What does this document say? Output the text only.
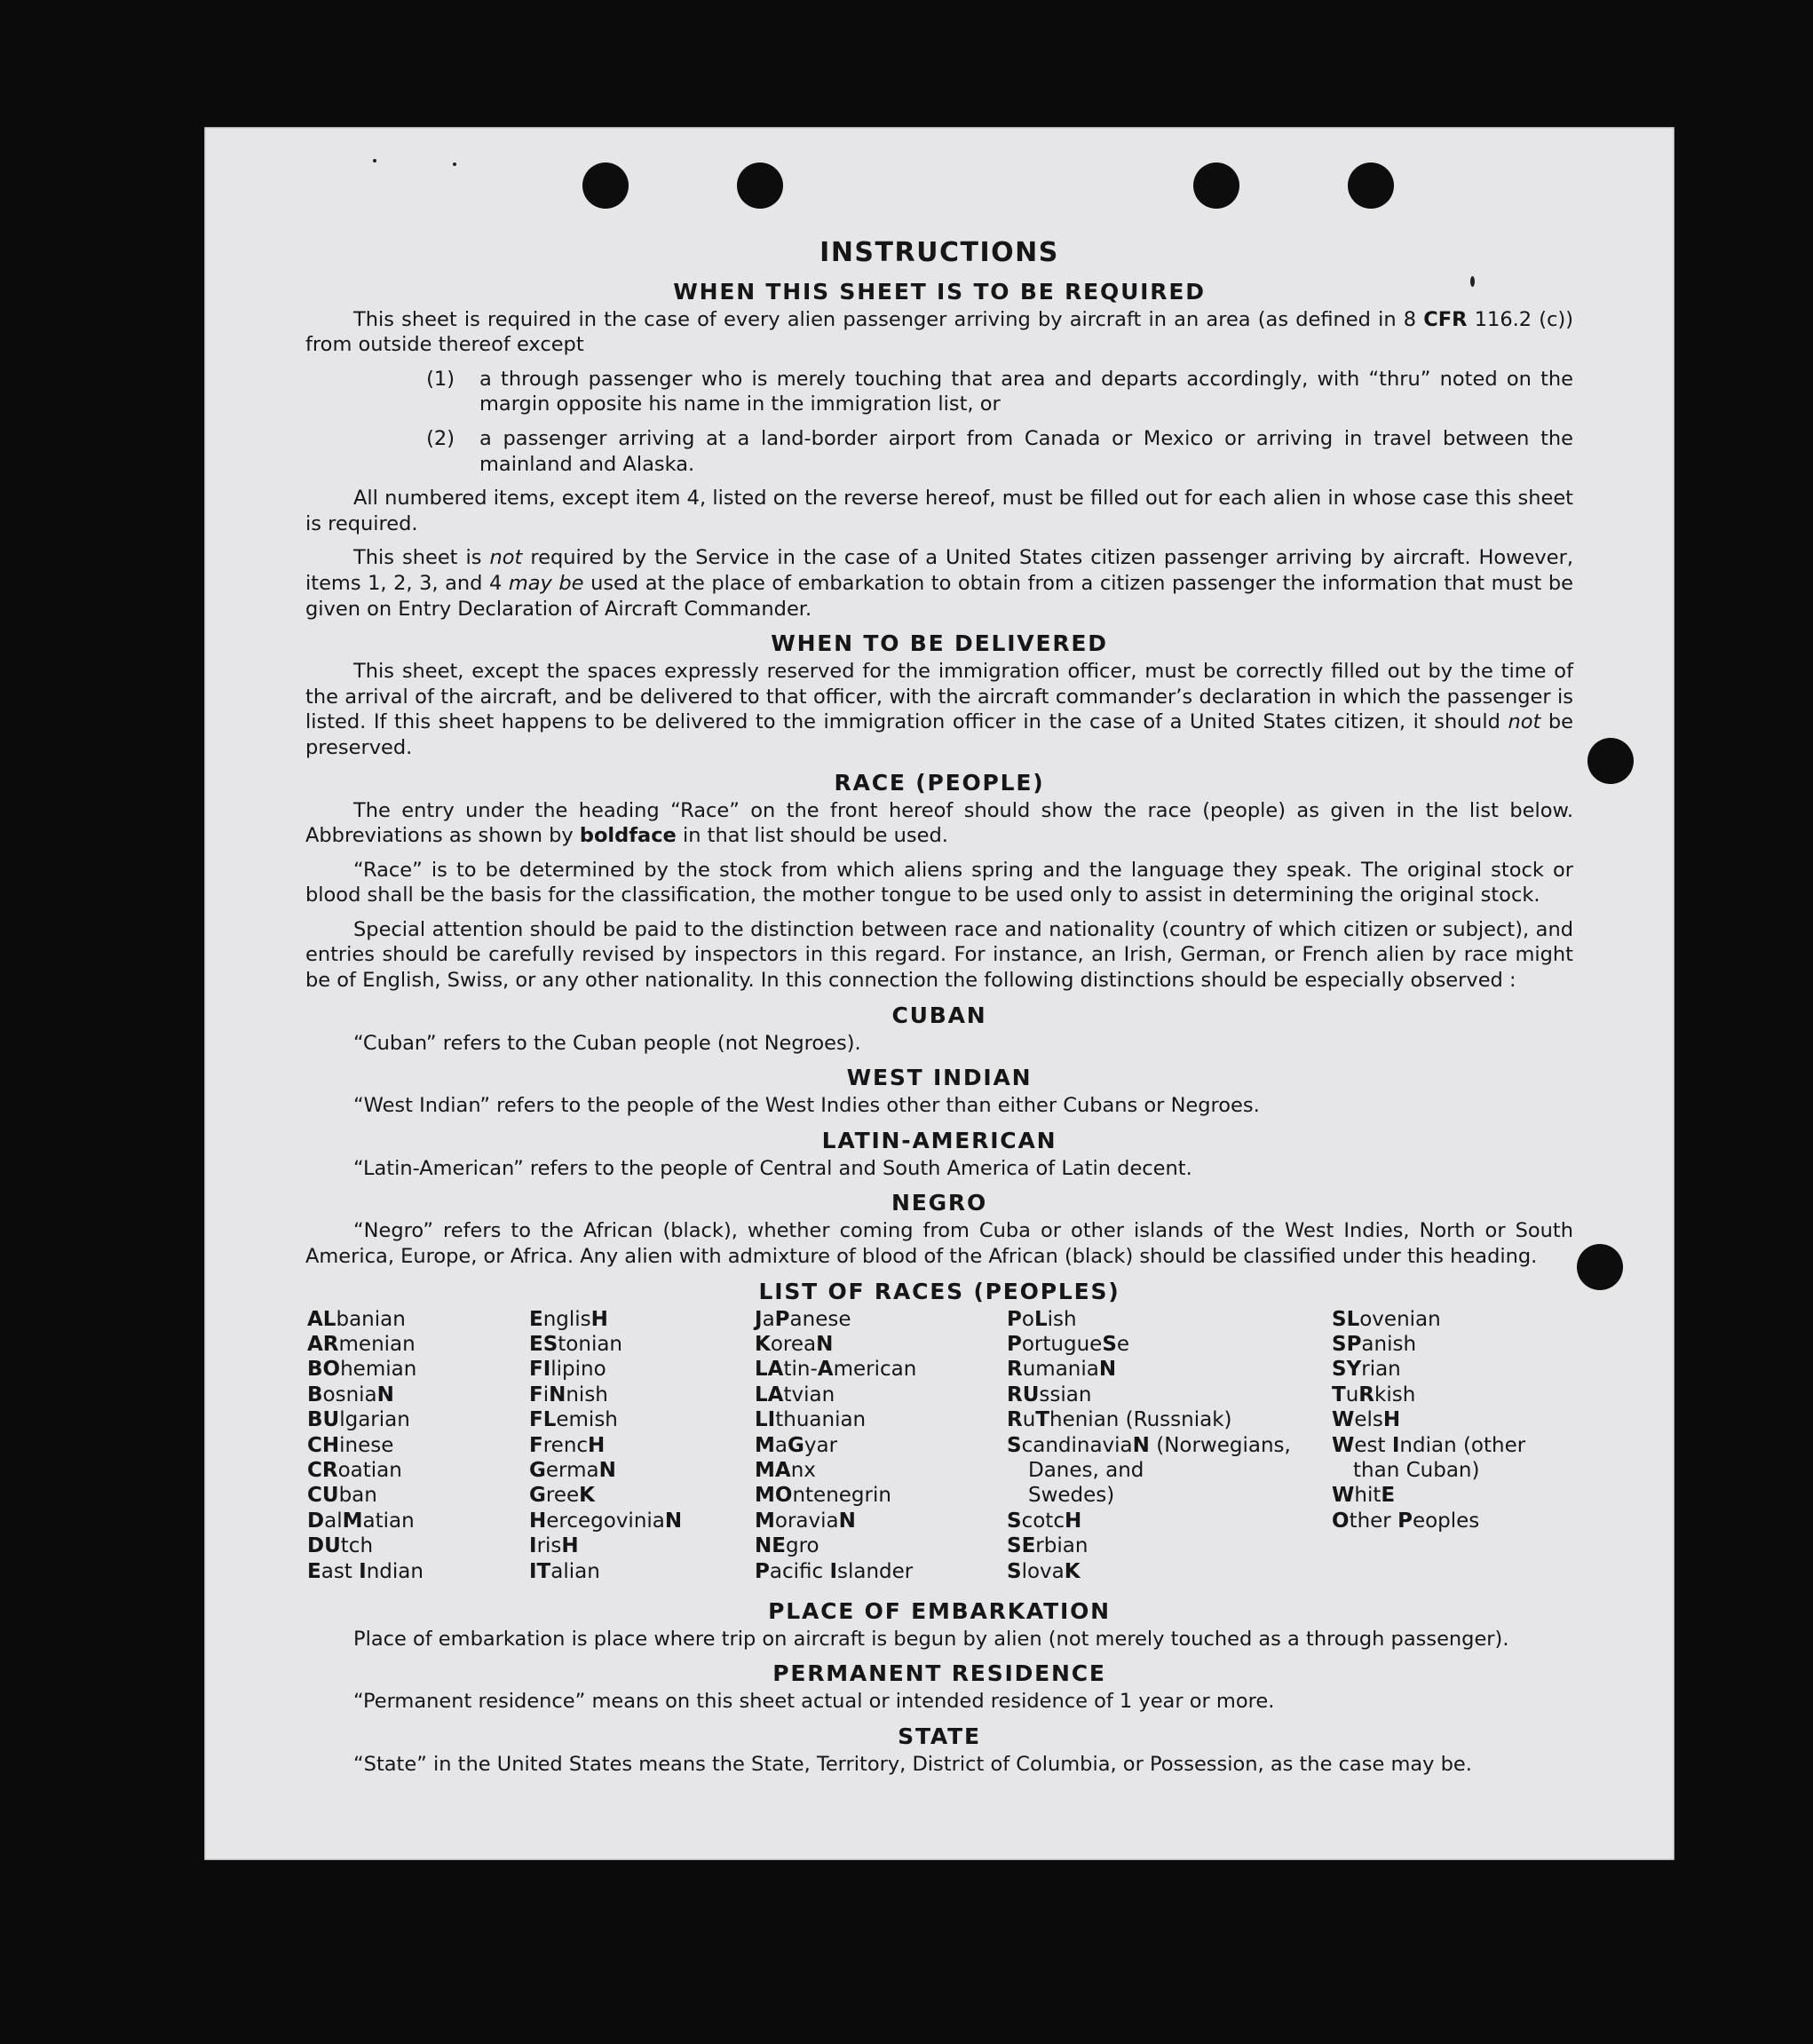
INSTRUCTIONS
WHEN THIS SHEET IS TO BE REQUIRED

This sheet is required in the case of every alien passenger arriving by aircraft in an area (as defined in 8 CFR 116.2 (c)) from outside thereof except

(1)	a through passenger who is merely touching that area and departs accordingly, with “thru” noted on the margin opposite his name in the immigration list, or
(2)	a passenger arriving at a land-border airport from Canada or Mexico or arriving in travel between the mainland and Alaska.

All numbered items, except item 4, listed on the reverse hereof, must be filled out for each alien in whose case this sheet is required.

This sheet is not required by the Service in the case of a United States citizen passenger arriving by aircraft. However, items 1, 2, 3, and 4 may be used at the place of embarkation to obtain from a citizen passenger the information that must be given on Entry Declaration of Aircraft Commander.

WHEN TO BE DELIVERED

This sheet, except the spaces expressly reserved for the immigration officer, must be correctly filled out by the time of the arrival of the aircraft, and be delivered to that officer, with the aircraft commander’s declaration in which the passenger is listed. If this sheet happens to be delivered to the immigration officer in the case of a United States citizen, it should not be preserved.

RACE (PEOPLE)

The entry under the heading “Race” on the front hereof should show the race (people) as given in the list below. Abbreviations as shown by boldface in that list should be used.

“Race” is to be determined by the stock from which aliens spring and the language they speak. The original stock or blood shall be the basis for the classification, the mother tongue to be used only to assist in determining the original stock.

Special attention should be paid to the distinction between race and nationality (country of which citizen or subject), and entries should be carefully revised by inspectors in this regard. For instance, an Irish, German, or French alien by race might be of English, Swiss, or any other nationality. In this connection the following distinctions should be especially observed :

CUBAN

“Cuban” refers to the Cuban people (not Negroes).

WEST INDIAN

“West Indian” refers to the people of the West Indies other than either Cubans or Negroes.

LATIN-AMERICAN

“Latin-American” refers to the people of Central and South America of Latin decent.

NEGRO

“Negro” refers to the African (black), whether coming from Cuba or other islands of the West Indies, North or South America, Europe, or Africa. Any alien with admixture of blood of the African (black) should be classified under this heading.

LIST OF RACES (PEOPLES)
ALbanian
ARmenian
BOhemian
BosniaN
BUlgarian
CHinese
CRoatian
CUban
DalMatian
DUtch
East Indian
EnglisH
EStonian
FIlipino
FiNnish
FLemish
FrencH
GermaN
GreeK
HercegoviniaN
IrisH
ITalian
JaPanese
KoreaN
LAtin-American
LAtvian
LIthuanian
MaGyar
MAnx
MOntenegrin
MoraviaN
NEgro
Pacific Islander
PoLish
PortugueSe
RumaniaN
RUssian
RuThenian (Russniak)
ScandinaviaN (Norwegians,
Danes, and
Swedes)
ScotcH
SErbian
SlovaK
SLovenian
SPanish
SYrian
TuRkish
WelsH
West Indian (other
than Cuban)
WhitE
Other Peoples
PLACE OF EMBARKATION

Place of embarkation is place where trip on aircraft is begun by alien (not merely touched as a through passenger).

PERMANENT RESIDENCE

“Permanent residence” means on this sheet actual or intended residence of 1 year or more.

STATE

“State” in the United States means the State, Territory, District of Columbia, or Possession, as the case may be.
